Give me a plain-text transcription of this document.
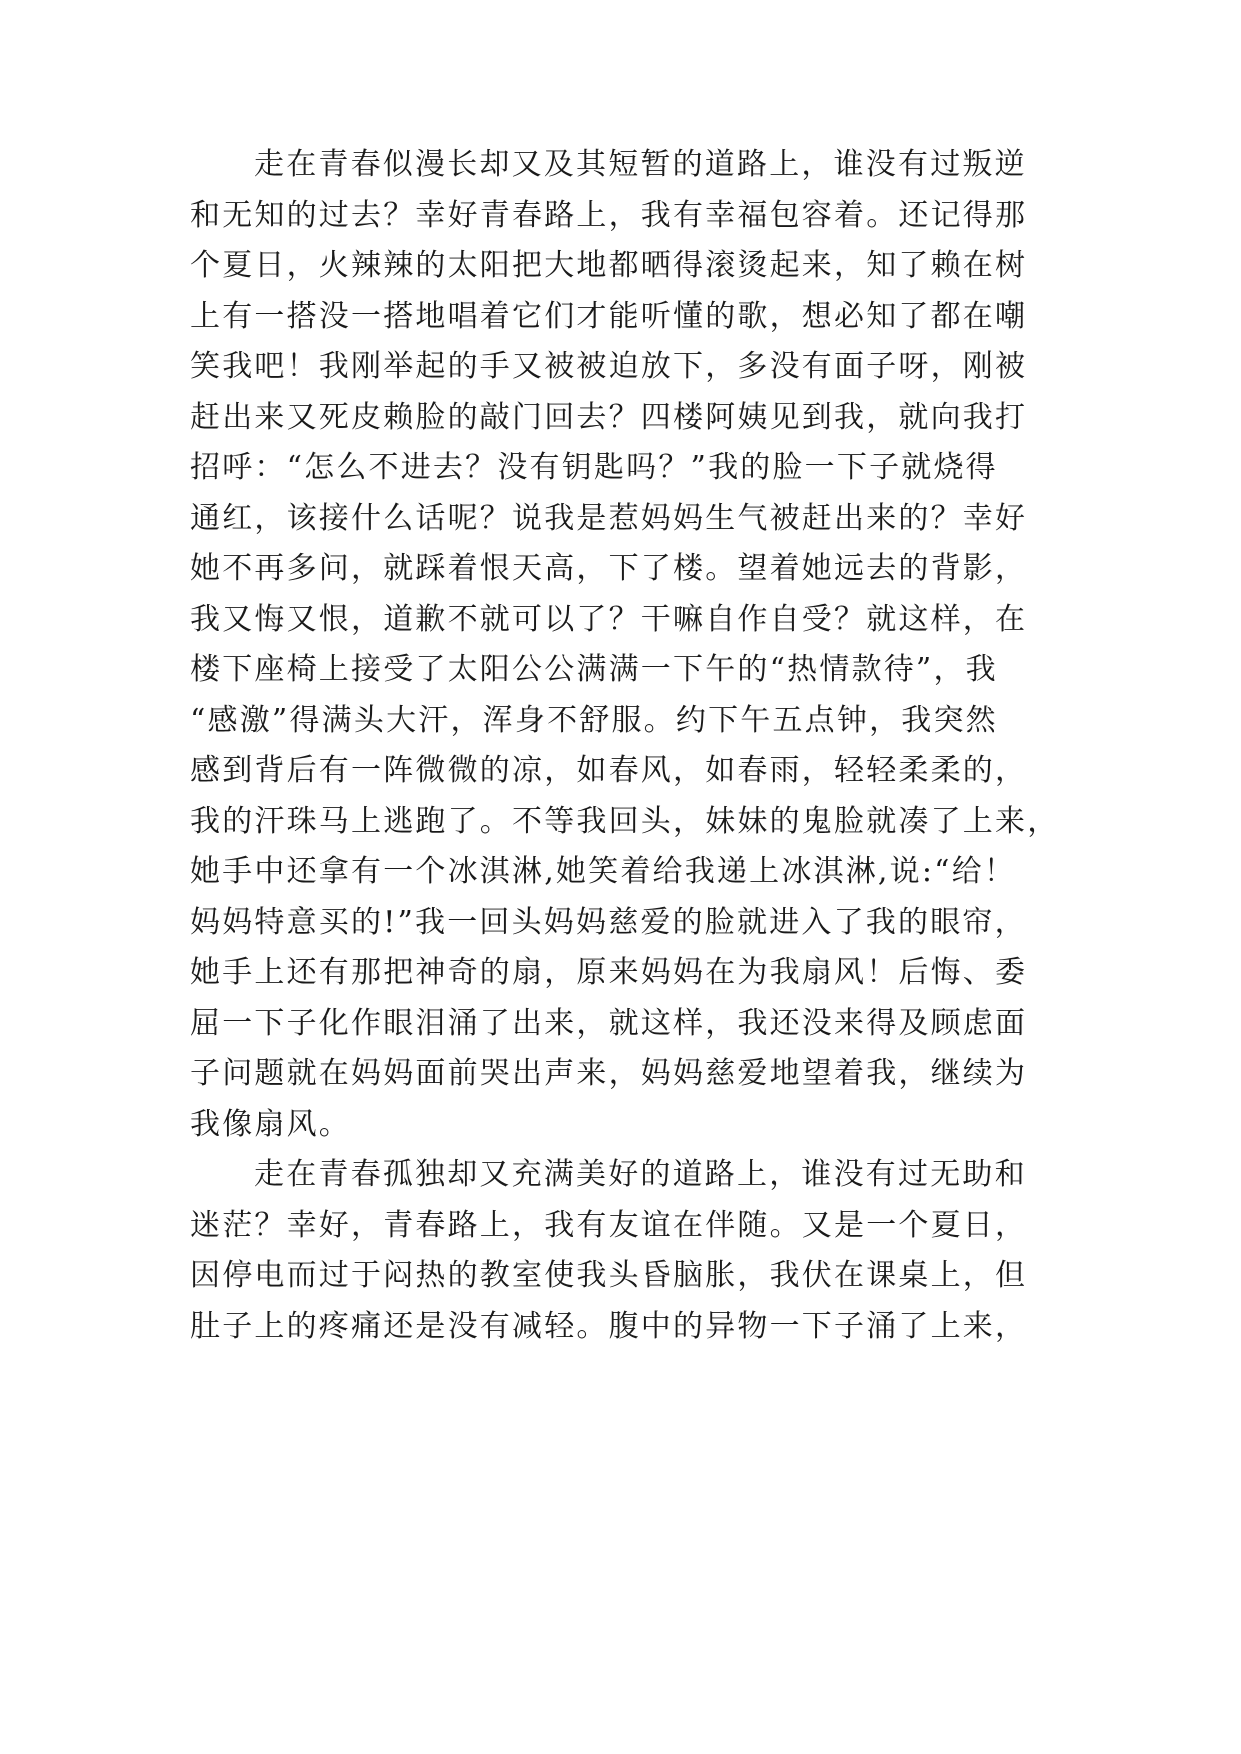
走在青春似漫长却又及其短暂的道路上，谁没有过叛逆
和无知的过去？幸好青春路上，我有幸福包容着。还记得那
个夏日，火辣辣的太阳把大地都晒得滚烫起来，知了赖在树
上有一搭没一搭地唱着它们才能听懂的歌，想必知了都在嘲
笑我吧！我刚举起的手又被被迫放下，多没有面子呀，刚被
赶出来又死皮赖脸的敲门回去？四楼阿姨见到我，就向我打
招呼：“怎么不进去？没有钥匙吗？”我的脸一下子就烧得
通红，该接什么话呢？说我是惹妈妈生气被赶出来的？幸好
她不再多问，就踩着恨天高，下了楼。望着她远去的背影，
我又悔又恨，道歉不就可以了？干嘛自作自受？就这样，在
楼下座椅上接受了太阳公公满满一下午的“热情款待”，我
“感激”得满头大汗，浑身不舒服。约下午五点钟，我突然
感到背后有一阵微微的凉，如春风，如春雨，轻轻柔柔的，
我的汗珠马上逃跑了。不等我回头，妹妹的鬼脸就凑了上来，
她手中还拿有一个冰淇淋,她笑着给我递上冰淇淋,说:“给！
妈妈特意买的!”我一回头妈妈慈爱的脸就进入了我的眼帘，
她手上还有那把神奇的扇，原来妈妈在为我扇风！后悔、委
屈一下子化作眼泪涌了出来，就这样，我还没来得及顾虑面
子问题就在妈妈面前哭出声来，妈妈慈爱地望着我，继续为
我像扇风。
走在青春孤独却又充满美好的道路上，谁没有过无助和
迷茫？幸好，青春路上，我有友谊在伴随。又是一个夏日，
因停电而过于闷热的教室使我头昏脑胀，我伏在课桌上，但
肚子上的疼痛还是没有减轻。腹中的异物一下子涌了上来，
